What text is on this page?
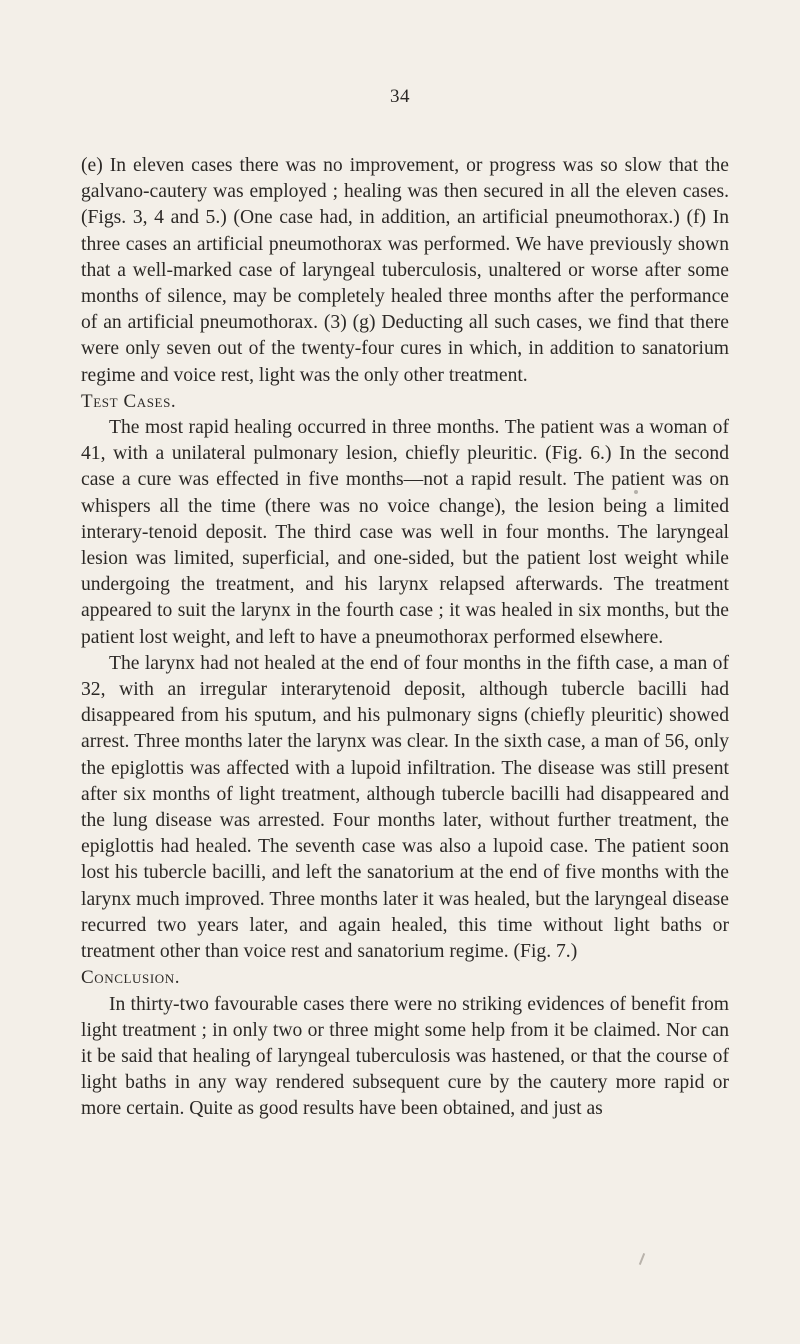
34

(e) In eleven cases there was no improvement, or progress was so slow that the galvano-cautery was employed ; healing was then secured in all the eleven cases. (Figs. 3, 4 and 5.) (One case had, in addition, an artificial pneumothorax.) (f) In three cases an artificial pneumothorax was performed. We have previously shown that a well-marked case of laryngeal tuberculosis, unaltered or worse after some months of silence, may be completely healed three months after the performance of an artificial pneumothorax. (3) (g) Deducting all such cases, we find that there were only seven out of the twenty-four cures in which, in addition to sanatorium regime and voice rest, light was the only other treatment.

Test Cases.

The most rapid healing occurred in three months. The patient was a woman of 41, with a unilateral pulmonary lesion, chiefly pleuritic. (Fig. 6.) In the second case a cure was effected in five months—not a rapid result. The patient was on whispers all the time (there was no voice change), the lesion being a limited interary-tenoid deposit. The third case was well in four months. The laryngeal lesion was limited, superficial, and one-sided, but the patient lost weight while undergoing the treatment, and his larynx relapsed afterwards. The treatment appeared to suit the larynx in the fourth case ; it was healed in six months, but the patient lost weight, and left to have a pneumothorax performed elsewhere.

The larynx had not healed at the end of four months in the fifth case, a man of 32, with an irregular interarytenoid deposit, although tubercle bacilli had disappeared from his sputum, and his pulmonary signs (chiefly pleuritic) showed arrest. Three months later the larynx was clear. In the sixth case, a man of 56, only the epiglottis was affected with a lupoid infiltration. The disease was still present after six months of light treatment, although tubercle bacilli had disappeared and the lung disease was arrested. Four months later, without further treatment, the epiglottis had healed. The seventh case was also a lupoid case. The patient soon lost his tubercle bacilli, and left the sanatorium at the end of five months with the larynx much improved. Three months later it was healed, but the laryngeal disease recurred two years later, and again healed, this time without light baths or treatment other than voice rest and sanatorium regime. (Fig. 7.)

Conclusion.

In thirty-two favourable cases there were no striking evidences of benefit from light treatment ; in only two or three might some help from it be claimed. Nor can it be said that healing of laryngeal tuberculosis was hastened, or that the course of light baths in any way rendered subsequent cure by the cautery more rapid or more certain. Quite as good results have been obtained, and just as
